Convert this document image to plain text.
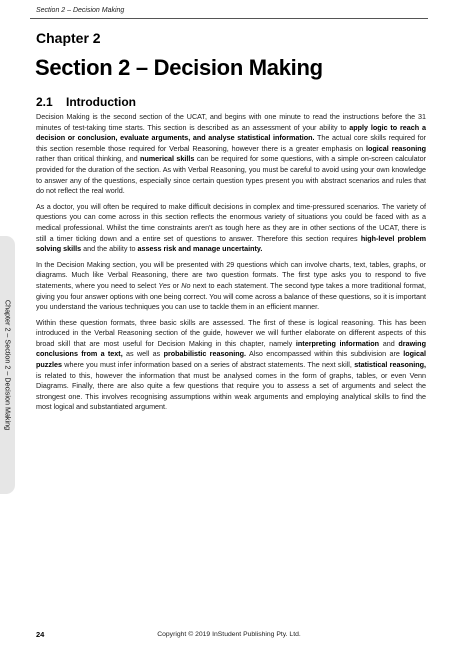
Section 2 – Decision Making
Chapter 2 – Section 2 – Decision Making
Chapter 2
Section 2 – Decision Making
2.1 Introduction

Decision Making is the second section of the UCAT, and begins with one minute to read the instructions before the 31 minutes of test-taking time starts. This section is described as an assessment of your ability to apply logic to reach a decision or conclusion, evaluate arguments, and analyse statistical information. The actual core skills required for this section resemble those required for Verbal Reasoning, however there is a greater emphasis on logical reasoning rather than critical thinking, and numerical skills can be required for some questions, with a simple on-screen calculator provided for the duration of the section. As with Verbal Reasoning, you must be careful to avoid using your own knowledge to answer any of the questions, especially since certain question types present you with abstract scenarios and rules that do not reflect the real world.

As a doctor, you will often be required to make difficult decisions in complex and time-pressured scenarios. The variety of questions you can come across in this section reflects the enormous variety of situations you could be faced with as a medical professional. Whilst the time constraints aren't as tough here as they are in other sections of the UCAT, there is still a timer ticking down and a entire set of questions to answer. Therefore this section requires high-level problem solving skills and the ability to assess risk and manage uncertainty.

In the Decision Making section, you will be presented with 29 questions which can involve charts, text, tables, graphs, or diagrams. Much like Verbal Reasoning, there are two question formats. The first type asks you to respond to five statements, where you need to select Yes or No next to each statement. The second type takes a more traditional format, giving you four answer options with one being correct. You will come across a balance of these questions, so it is important you understand the various techniques you can use to tackle them in an efficient manner.

Within these question formats, three basic skills are assessed. The first of these is logical reasoning. This has been introduced in the Verbal Reasoning section of the guide, however we will further elaborate on different aspects of this broad skill that are most useful for Decision Making in this chapter, namely interpreting information and drawing conclusions from a text, as well as probabilistic reasoning. Also encompassed within this subdivision are logical puzzles where you must infer information based on a series of abstract statements. The next skill, statistical reasoning, is related to this, however the information that must be analysed comes in the form of graphs, tables, or even Venn Diagrams. Finally, there are also quite a few questions that require you to assess a set of arguments and select the strongest one. This involves recognising assumptions within weak arguments and employing analytical skills to find the most logical and substantiated argument.

24	Copyright © 2019 InStudent Publishing Pty. Ltd.
